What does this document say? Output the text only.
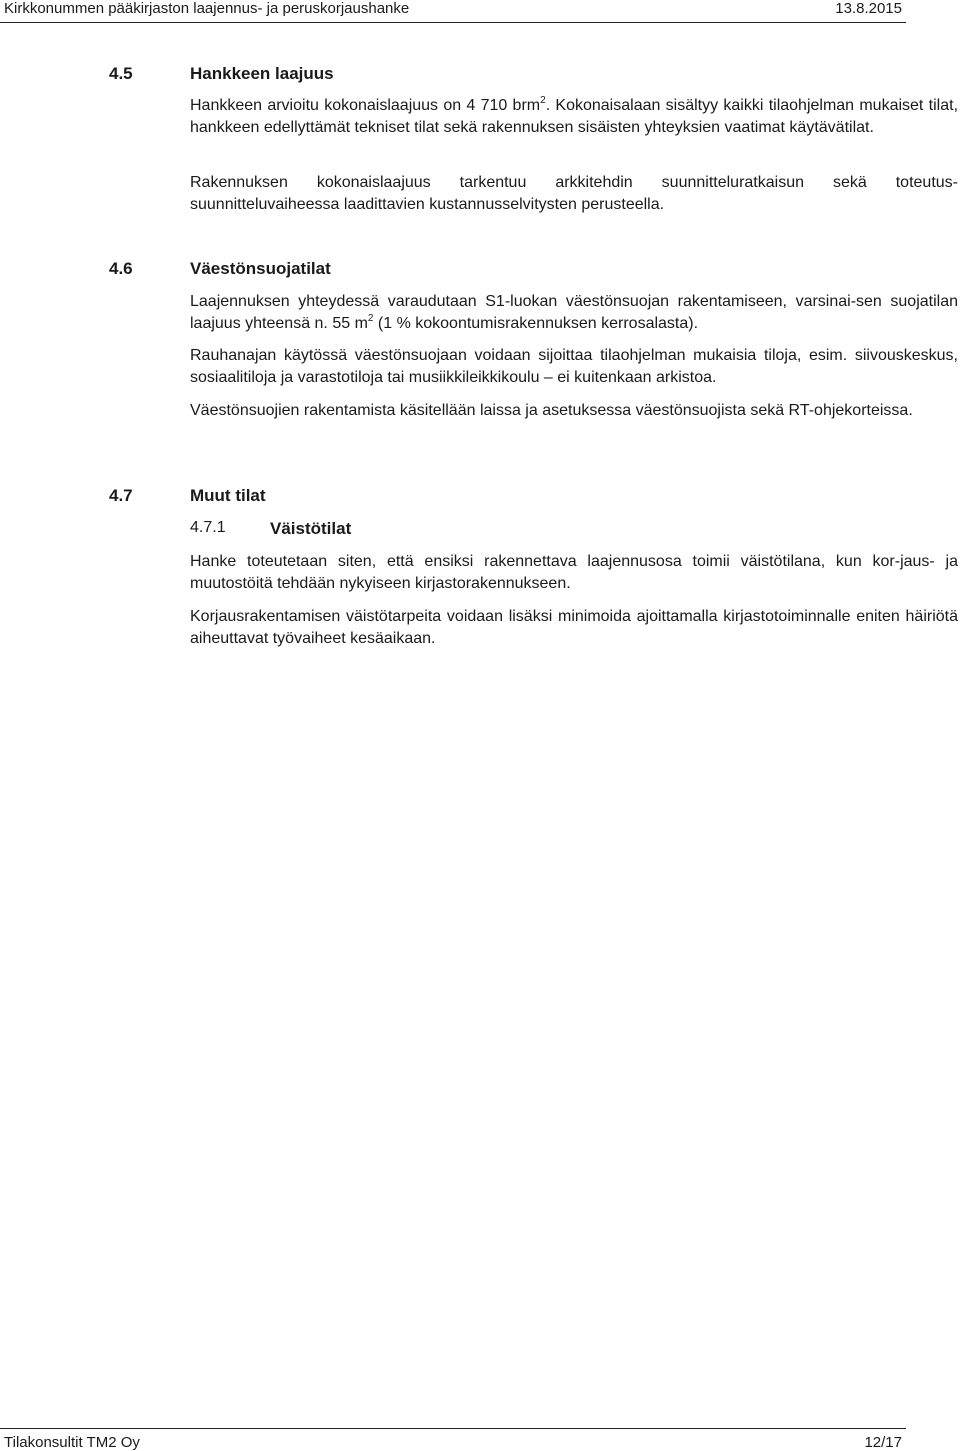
Kirkkonummen pääkirjaston laajennus- ja peruskorjaushanke	13.8.2015
4.5	Hankkeen laajuus
Hankkeen arvioitu kokonaislaajuus on 4 710 brm$^2$. Kokonaisalaan sisältyy kaikki tilaohjelman mukaiset tilat, hankkeen edellyttämät tekniset tilat sekä rakennuksen sisäisten yhteyksien vaatimat käytävätilat.
Rakennuksen kokonaislaajuus tarkentuu arkkitehdin suunnitteluratkaisun sekä toteutus-suunnitteluvaiheessa laadittavien kustannusselvitysten perusteella.
4.6	Väestönsuojatilat
Laajennuksen yhteydessä varaudutaan S1-luokan väestönsuojan rakentamiseen, varsinai-sen suojatilan laajuus yhteensä n. 55 $m^2$ (1 % kokoontumisrakennuksen kerrosalasta).
Rauhanajan käytössä väestönsuojaan voidaan sijoittaa tilaohjelman mukaisia tiloja, esim. siivouskeskus, sosiaalitiloja ja varastotiloja tai musiikkileikkikoulu – ei kuitenkaan arkistoa.
Väestönsuojien rakentamista käsitellään laissa ja asetuksessa väestönsuojista sekä RT-ohjekorteissa.
4.7	Muut tilat
4.7.1	Väistötilat
Hanke toteutetaan siten, että ensiksi rakennettava laajennusosa toimii väistötilana, kun kor-jaus- ja muutostöitä tehdään nykyiseen kirjastorakennukseen.
Korjausrakentamisen väistötarpeita voidaan lisäksi minimoida ajoittamalla kirjastotoiminnalle eniten häiriötä aiheuttavat työvaiheet kesäaikaan.
Tilakonsultit TM2 Oy	12/17
